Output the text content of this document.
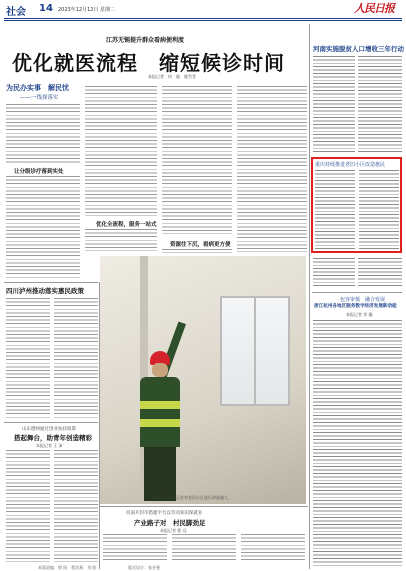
社会 14 2023年12月12日 星期二	人民日报
江苏无锡提升群众看病便利度
优化就医流程　缩短候诊时间
本报记者　何　聪　姚雪青
为民办实事　解民忧
——一线探落实
让分级诊疗落到实处
优化全流程，服务一站式
资源往下沉，看病更方便
图为工作人员正在对老旧小区进行改造施工。
河南实施脱贫人口增收三年行动
重庆持续推进老旧小区改造惠民
包容审慎　融合发展
浙江杭州各地区服务数字经济发展新动能
本报记者 窦 瀚
四川泸州推动落实惠民政策
山东德州通过创业扶持政策
搭起舞台，助青年创造精彩
本报记者 王 沛
河南开封市搭建平台以劳动知识保就业
产业路子对　村民脚劲足
本报记者 程 远
本版责编：徐 阳　程浩燕　刘 阳	版式设计：张芳曼
